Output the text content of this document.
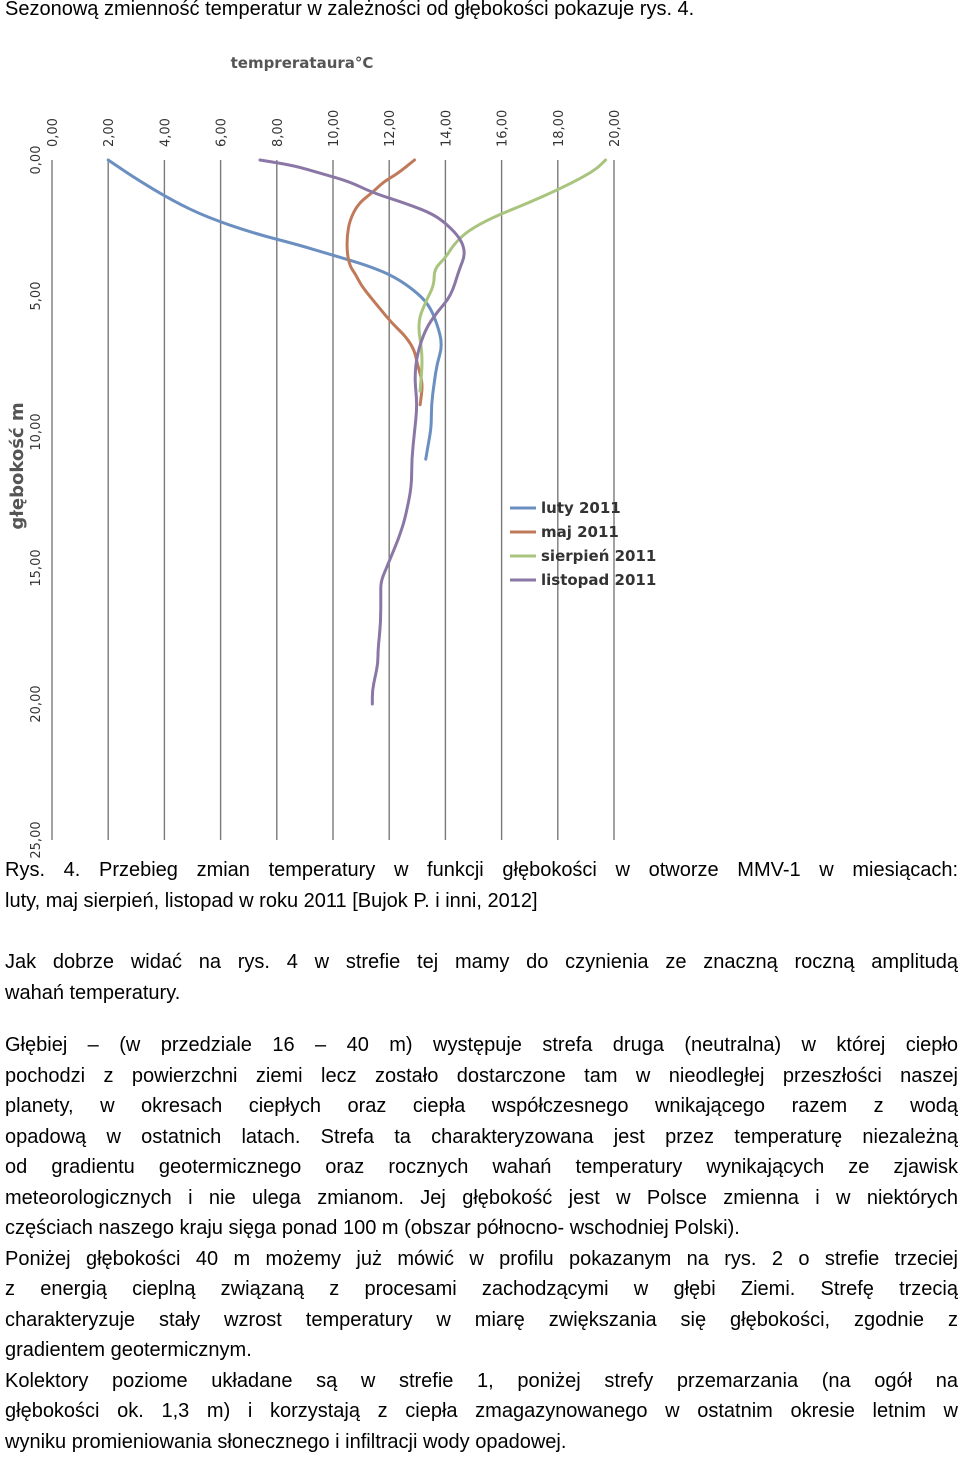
Sezonową zmienność temperatur w zależności od głębokości pokazuje rys. 4.
0,00	2,00	4,00	6,00	8,00	10,00	12,00	14,00	16,00	18,00	20,00
0,00
5,00
10,00
15,00
20,00
25,00
temprerataura°C
głębokość m	luty 2011
maj 2011
sierpień 2011
listopad 2011
Rys. 4. Przebieg zmian temperatury w funkcji głębokości w otworze MMV-1 w miesiącach:
luty, maj sierpień, listopad w roku 2011 [Bujok P. i inni, 2012]
Jak dobrze widać na rys. 4 w strefie tej mamy do czynienia ze znaczną roczną amplitudą
wahań temperatury.
Głębiej – (w przedziale 16 – 40 m) występuje strefa druga (neutralna) w której ciepło
pochodzi z powierzchni ziemi lecz zostało dostarczone tam w nieodległej przeszłości naszej
planety, w okresach ciepłych oraz ciepła współczesnego wnikającego razem z wodą
opadową w ostatnich latach. Strefa ta charakteryzowana jest przez temperaturę niezależną
od gradientu geotermicznego oraz rocznych wahań temperatury wynikających ze zjawisk
meteorologicznych i nie ulega zmianom. Jej głębokość jest w Polsce zmienna i w niektórych
częściach naszego kraju sięga ponad 100 m (obszar północno- wschodniej Polski).
Poniżej głębokości 40 m możemy już mówić w profilu pokazanym na rys. 2 o strefie trzeciej
z energią cieplną związaną z procesami zachodzącymi w głębi Ziemi. Strefę trzecią
charakteryzuje stały wzrost temperatury w miarę zwiększania się głębokości, zgodnie z
gradientem geotermicznym.
Kolektory poziome układane są w strefie 1, poniżej strefy przemarzania (na ogół na
głębokości ok. 1,3 m) i korzystają z ciepła zmagazynowanego w ostatnim okresie letnim w
wyniku promieniowania słonecznego i infiltracji wody opadowej.
